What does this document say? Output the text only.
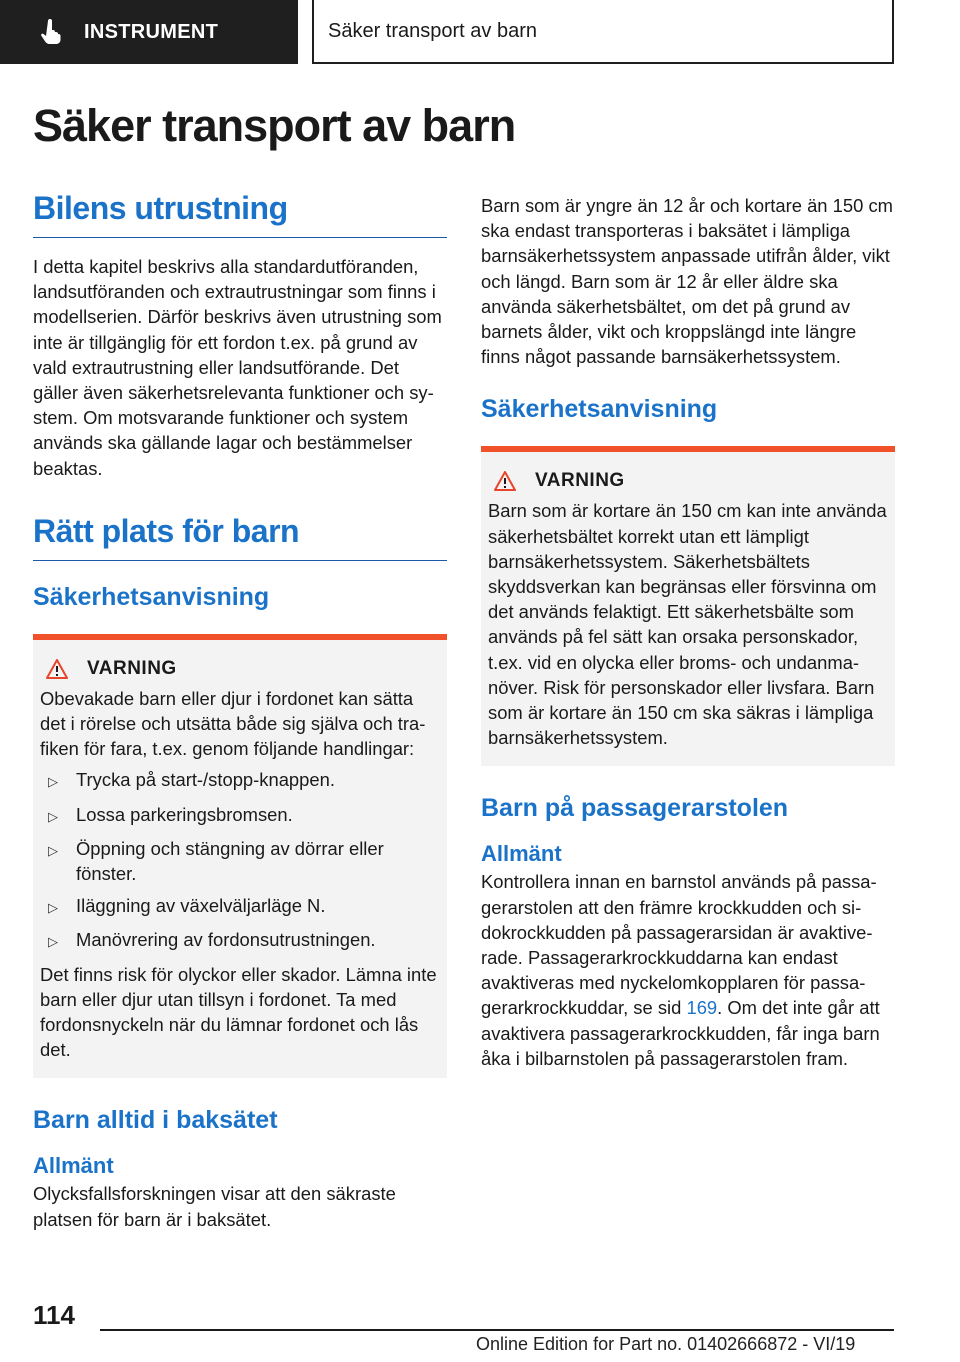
INSTRUMENT	Säker transport av barn
Säker transport av barn
Bilens utrustning

I detta kapitel beskrivs alla standardutföranden, landsutföranden och extrautrustningar som finns i modellserien. Därför beskrivs även utrustning som inte är tillgänglig för ett fordon t.ex. på grund av vald extrautrustning eller landsutförande. Det gäller även säkerhetsrelevanta funktioner och system. Om motsvarande funktioner och system används ska gällande lagar och bestämmelser beaktas.

Rätt plats för barn
Säkerhetsanvisning
VARNING

Obevakade barn eller djur i fordonet kan sätta det i rörelse och utsätta både sig själva och trafiken för fara, t.ex. genom följande handlingar:

▷ Trycka på start-/stopp-knappen.
▷ Lossa parkeringsbromsen.
▷ Öppning och stängning av dörrar eller fönster.
▷ Iläggning av växelväljarläge N.
▷ Manövrering av fordonsutrustningen.

Det finns risk för olyckor eller skador. Lämna inte barn eller djur utan tillsyn i fordonet. Ta med fordonsnyckeln när du lämnar fordonet och lås det.

Barn alltid i baksätet
Allmänt

Olycksfallsforskningen visar att den säkraste platsen för barn är i baksätet.

Barn som är yngre än 12 år och kortare än 150 cm ska endast transporteras i baksätet i lämpliga barnsäkerhetssystem anpassade utifrån ålder, vikt och längd. Barn som är 12 år eller äldre ska använda säkerhetsbältet, om det på grund av barnets ålder, vikt och kroppslängd inte längre finns något passande barnsäkerhetssystem.

Säkerhetsanvisning
VARNING

Barn som är kortare än 150 cm kan inte använda säkerhetsbältet korrekt utan ett lämpligt barnsäkerhetssystem. Säkerhetsbältets skyddsverkan kan begränsas eller försvinna om det används felaktigt. Ett säkerhetsbälte som används på fel sätt kan orsaka personskador, t.ex. vid en olycka eller broms- och undanmanöver. Risk för personskador eller livsfara. Barn som är kortare än 150 cm ska säkras i lämpliga barnsäkerhetssystem.

Barn på passagerarstolen
Allmänt

Kontrollera innan en barnstol används på passagerarstolen att den främre krockkudden och sidokrockkudden på passagerarsidan är avaktiverade. Passagerarkrockkuddarna kan endast avaktiveras med nyckelomkopplaren för passagerarkrockkuddar, se sid 169. Om det inte går att avaktivera passagerarkrockkudden, får inga barn åka i bilbarnstolen på passagerarstolen fram.

114
Online Edition for Part no. 01402666872 - VI/19
